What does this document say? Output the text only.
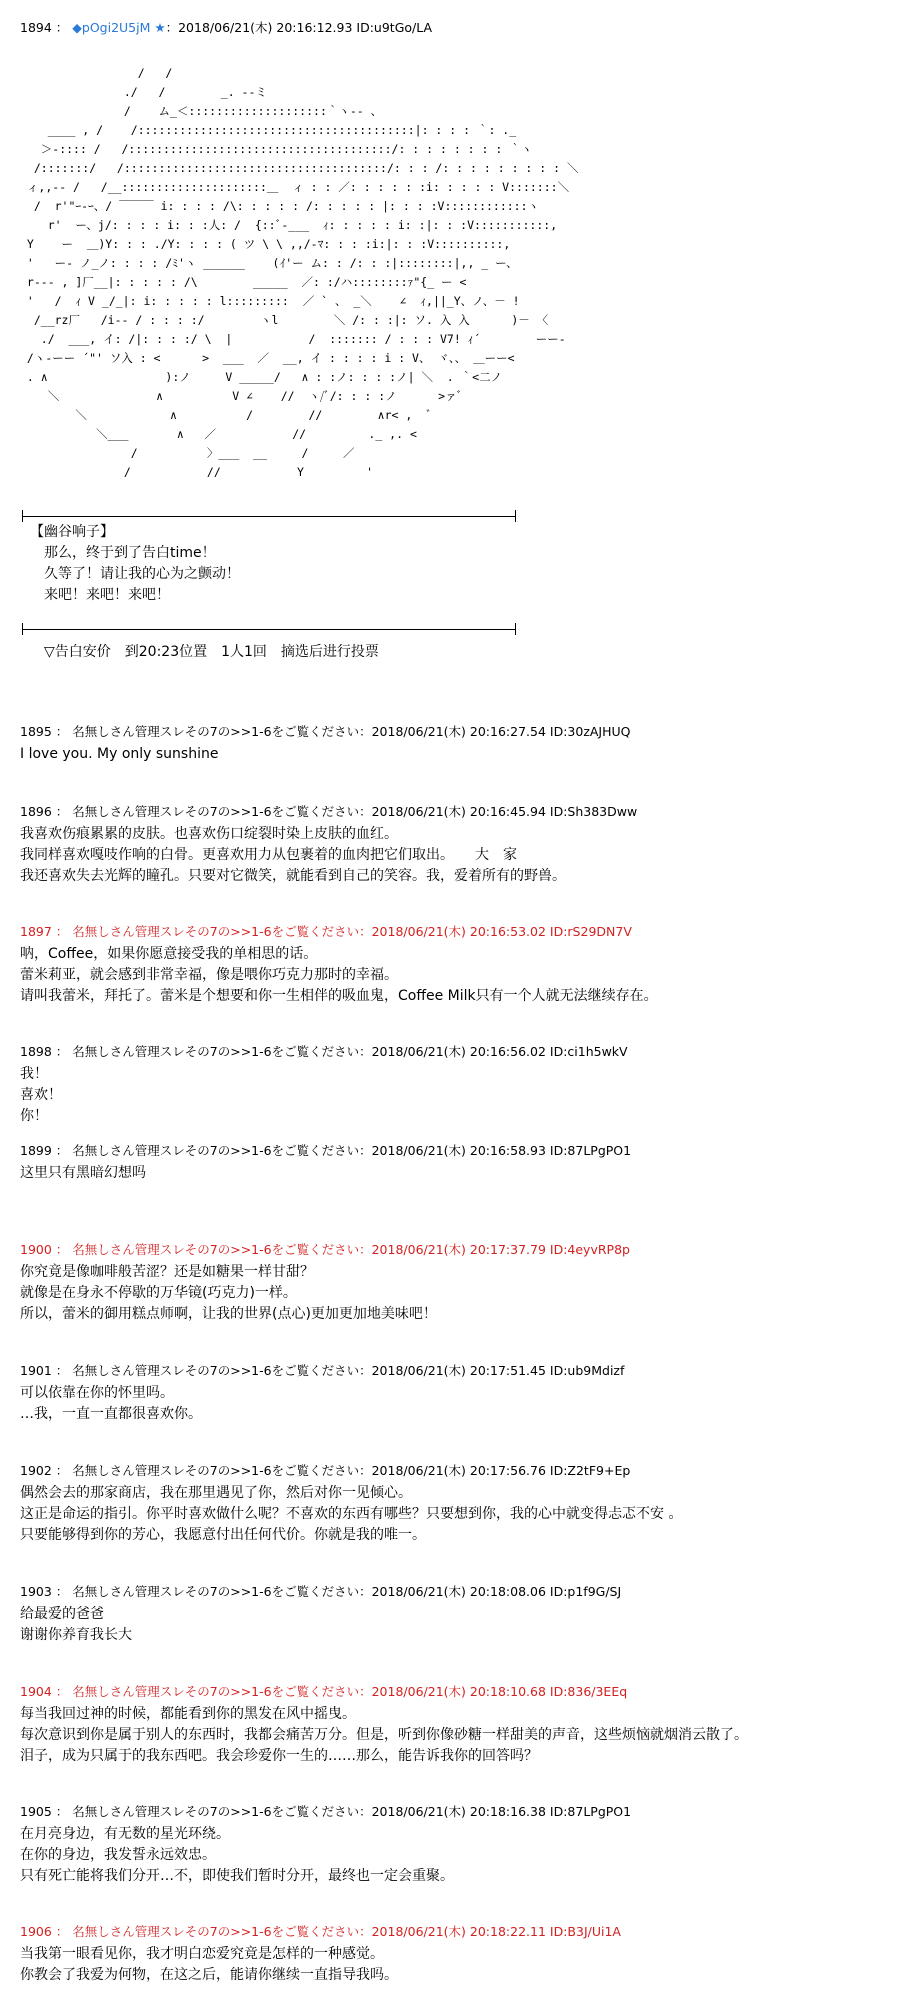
1894 ： ◆pOgi2U5jM ★：2018/06/21(木) 20:16:12.93 ID:u9tGo/LA
/   /
./   /        _. --ミ
/    ム_＜::::::::::::::::::::｀ヽ-- 、
____ , /    /::::::::::::::::::::::::::::::::::::::::|: : : : ｀: ._
＞-:::: /   /::::::::::::::::::::::::::::::::::::::/: : : : : : : : ｀ヽ
/:::::::/   /::::::::::::::::::::::::::::::::::::::/: : : /: : : : : : : : : ＼
ィ,,-‐ /   /__:::::::::::::::::::::＿  ィ : : ／: : : : : :i: : : : : V:::::::＼
/  r'"ｰ-ｰ、/ ￣￣￣ i: : : : /\: : : : : /: : : : : |: : : :V::::::::::::ヽ
r'  ー、j/: : : : i: : :人: /  {::ﾞ-___  ｨ: : : : : i: :|: : :V:::::::::::,
Y    ー  ＿)Y: : : ./Y: : : : ( ツ \ \ ,,/-ﾏ: : : :i:|: : :V::::::::::,
'   ー- ノ_ノ: : : : /ﾐ'ヽ ______    (ｲ'ー ム: : /: : :|::::::::|,, _ ー、
r-‐- , ]厂__|: : : : : /\        _____  ／: :/ハ::::::::ｧ"{_ ー <
'   /  ｨ V _/_|: i: : : : : l:::::::::  ／ ` 、 _＼    ∠  ｨ,||_Y、ノ、－ !
/__rz厂   /i-‐ / : : : :/        ヽl        ＼ /: : :|: ソ. 入 入      )－ 〈
./  ___, イ: /|: : : :/ \  |           /  ::::::: / : : : V7! ｨ´        ーー‐
/ヽ‐ーー ´"' ソ入 : <      >  ___  ／  __, イ : : : : i : V、 ヾ、、 ＿ーー<
. ∧                 ):ノ     V _____/   ∧ : :ノ: : : :ノ| ＼  . ｀<二ノ
＼              ∧          V ∠    //  ヽ/ﾞ/: : : :ノ      >ァﾞ
＼            ∧          /        //        ∧r< ,  ﾞ
＼___       ∧   ／           //         ._ ,. <
/          〉___  __     /     ／
/           //           Y         '
【幽谷响子】
那么，终于到了告白time！
久等了！请让我的心为之颤动！
来吧！来吧！来吧！
▽告白安价　到20:23位置　1人1回　摘选后进行投票
1895 ： 名無しさん管理スレその7の>>1-6をご覧ください：2018/06/21(木) 20:16:27.54 ID:30zAJHUQ
I love you. My only sunshine
1896 ： 名無しさん管理スレその7の>>1-6をご覧ください：2018/06/21(木) 20:16:45.94 ID:Sh383Dww
我喜欢伤痕累累的皮肤。也喜欢伤口绽裂时染上皮肤的血红。
我同样喜欢嘎吱作响的白骨。更喜欢用力从包裹着的血肉把它们取出。　　大　家
我还喜欢失去光辉的瞳孔。只要对它微笑，就能看到自己的笑容。我，爱着所有的野兽。
1897 ： 名無しさん管理スレその7の>>1-6をご覧ください：2018/06/21(木) 20:16:53.02 ID:rS29DN7V
呐，Coffee，如果你愿意接受我的单相思的话。
蕾米莉亚，就会感到非常幸福，像是喂你巧克力那时的幸福。
请叫我蕾米，拜托了。蕾米是个想要和你一生相伴的吸血鬼，Coffee Milk只有一个人就无法继续存在。
1898 ： 名無しさん管理スレその7の>>1-6をご覧ください：2018/06/21(木) 20:16:56.02 ID:ci1h5wkV
我！
喜欢！
你！
1899 ： 名無しさん管理スレその7の>>1-6をご覧ください：2018/06/21(木) 20:16:58.93 ID:87LPgPO1
这里只有黑暗幻想吗
1900 ： 名無しさん管理スレその7の>>1-6をご覧ください：2018/06/21(木) 20:17:37.79 ID:4eyvRP8p
你究竟是像咖啡般苦涩？还是如糖果一样甘甜？
就像是在身永不停歇的万华镜(巧克力)一样。
所以，蕾米的御用糕点师啊，让我的世界(点心)更加更加地美味吧！
1901 ： 名無しさん管理スレその7の>>1-6をご覧ください：2018/06/21(木) 20:17:51.45 ID:ub9Mdizf
可以依靠在你的怀里吗。
…我，一直一直都很喜欢你。
1902 ： 名無しさん管理スレその7の>>1-6をご覧ください：2018/06/21(木) 20:17:56.76 ID:Z2tF9+Ep
偶然会去的那家商店，我在那里遇见了你，然后对你一见倾心。
这正是命运的指引。你平时喜欢做什么呢？不喜欢的东西有哪些？只要想到你，我的心中就变得忐忑不安 。
只要能够得到你的芳心，我愿意付出任何代价。你就是我的唯一。
1903 ： 名無しさん管理スレその7の>>1-6をご覧ください：2018/06/21(木) 20:18:08.06 ID:p1f9G/SJ
给最爱的爸爸
谢谢你养育我长大
1904 ： 名無しさん管理スレその7の>>1-6をご覧ください：2018/06/21(木) 20:18:10.68 ID:836/3EEq
每当我回过神的时候，都能看到你的黑发在风中摇曳。
每次意识到你是属于别人的东西时，我都会痛苦万分。但是，听到你像砂糖一样甜美的声音，这些烦恼就烟消云散了。
泪子，成为只属于的我东西吧。我会珍爱你一生的……那么，能告诉我你的回答吗？
1905 ： 名無しさん管理スレその7の>>1-6をご覧ください：2018/06/21(木) 20:18:16.38 ID:87LPgPO1
在月亮身边，有无数的星光环绕。
在你的身边，我发誓永远效忠。
只有死亡能将我们分开…不，即使我们暂时分开，最终也一定会重聚。
1906 ： 名無しさん管理スレその7の>>1-6をご覧ください：2018/06/21(木) 20:18:22.11 ID:B3J/Ui1A
当我第一眼看见你，我才明白恋爱究竟是怎样的一种感觉。
你教会了我爱为何物，在这之后，能请你继续一直指导我吗。
